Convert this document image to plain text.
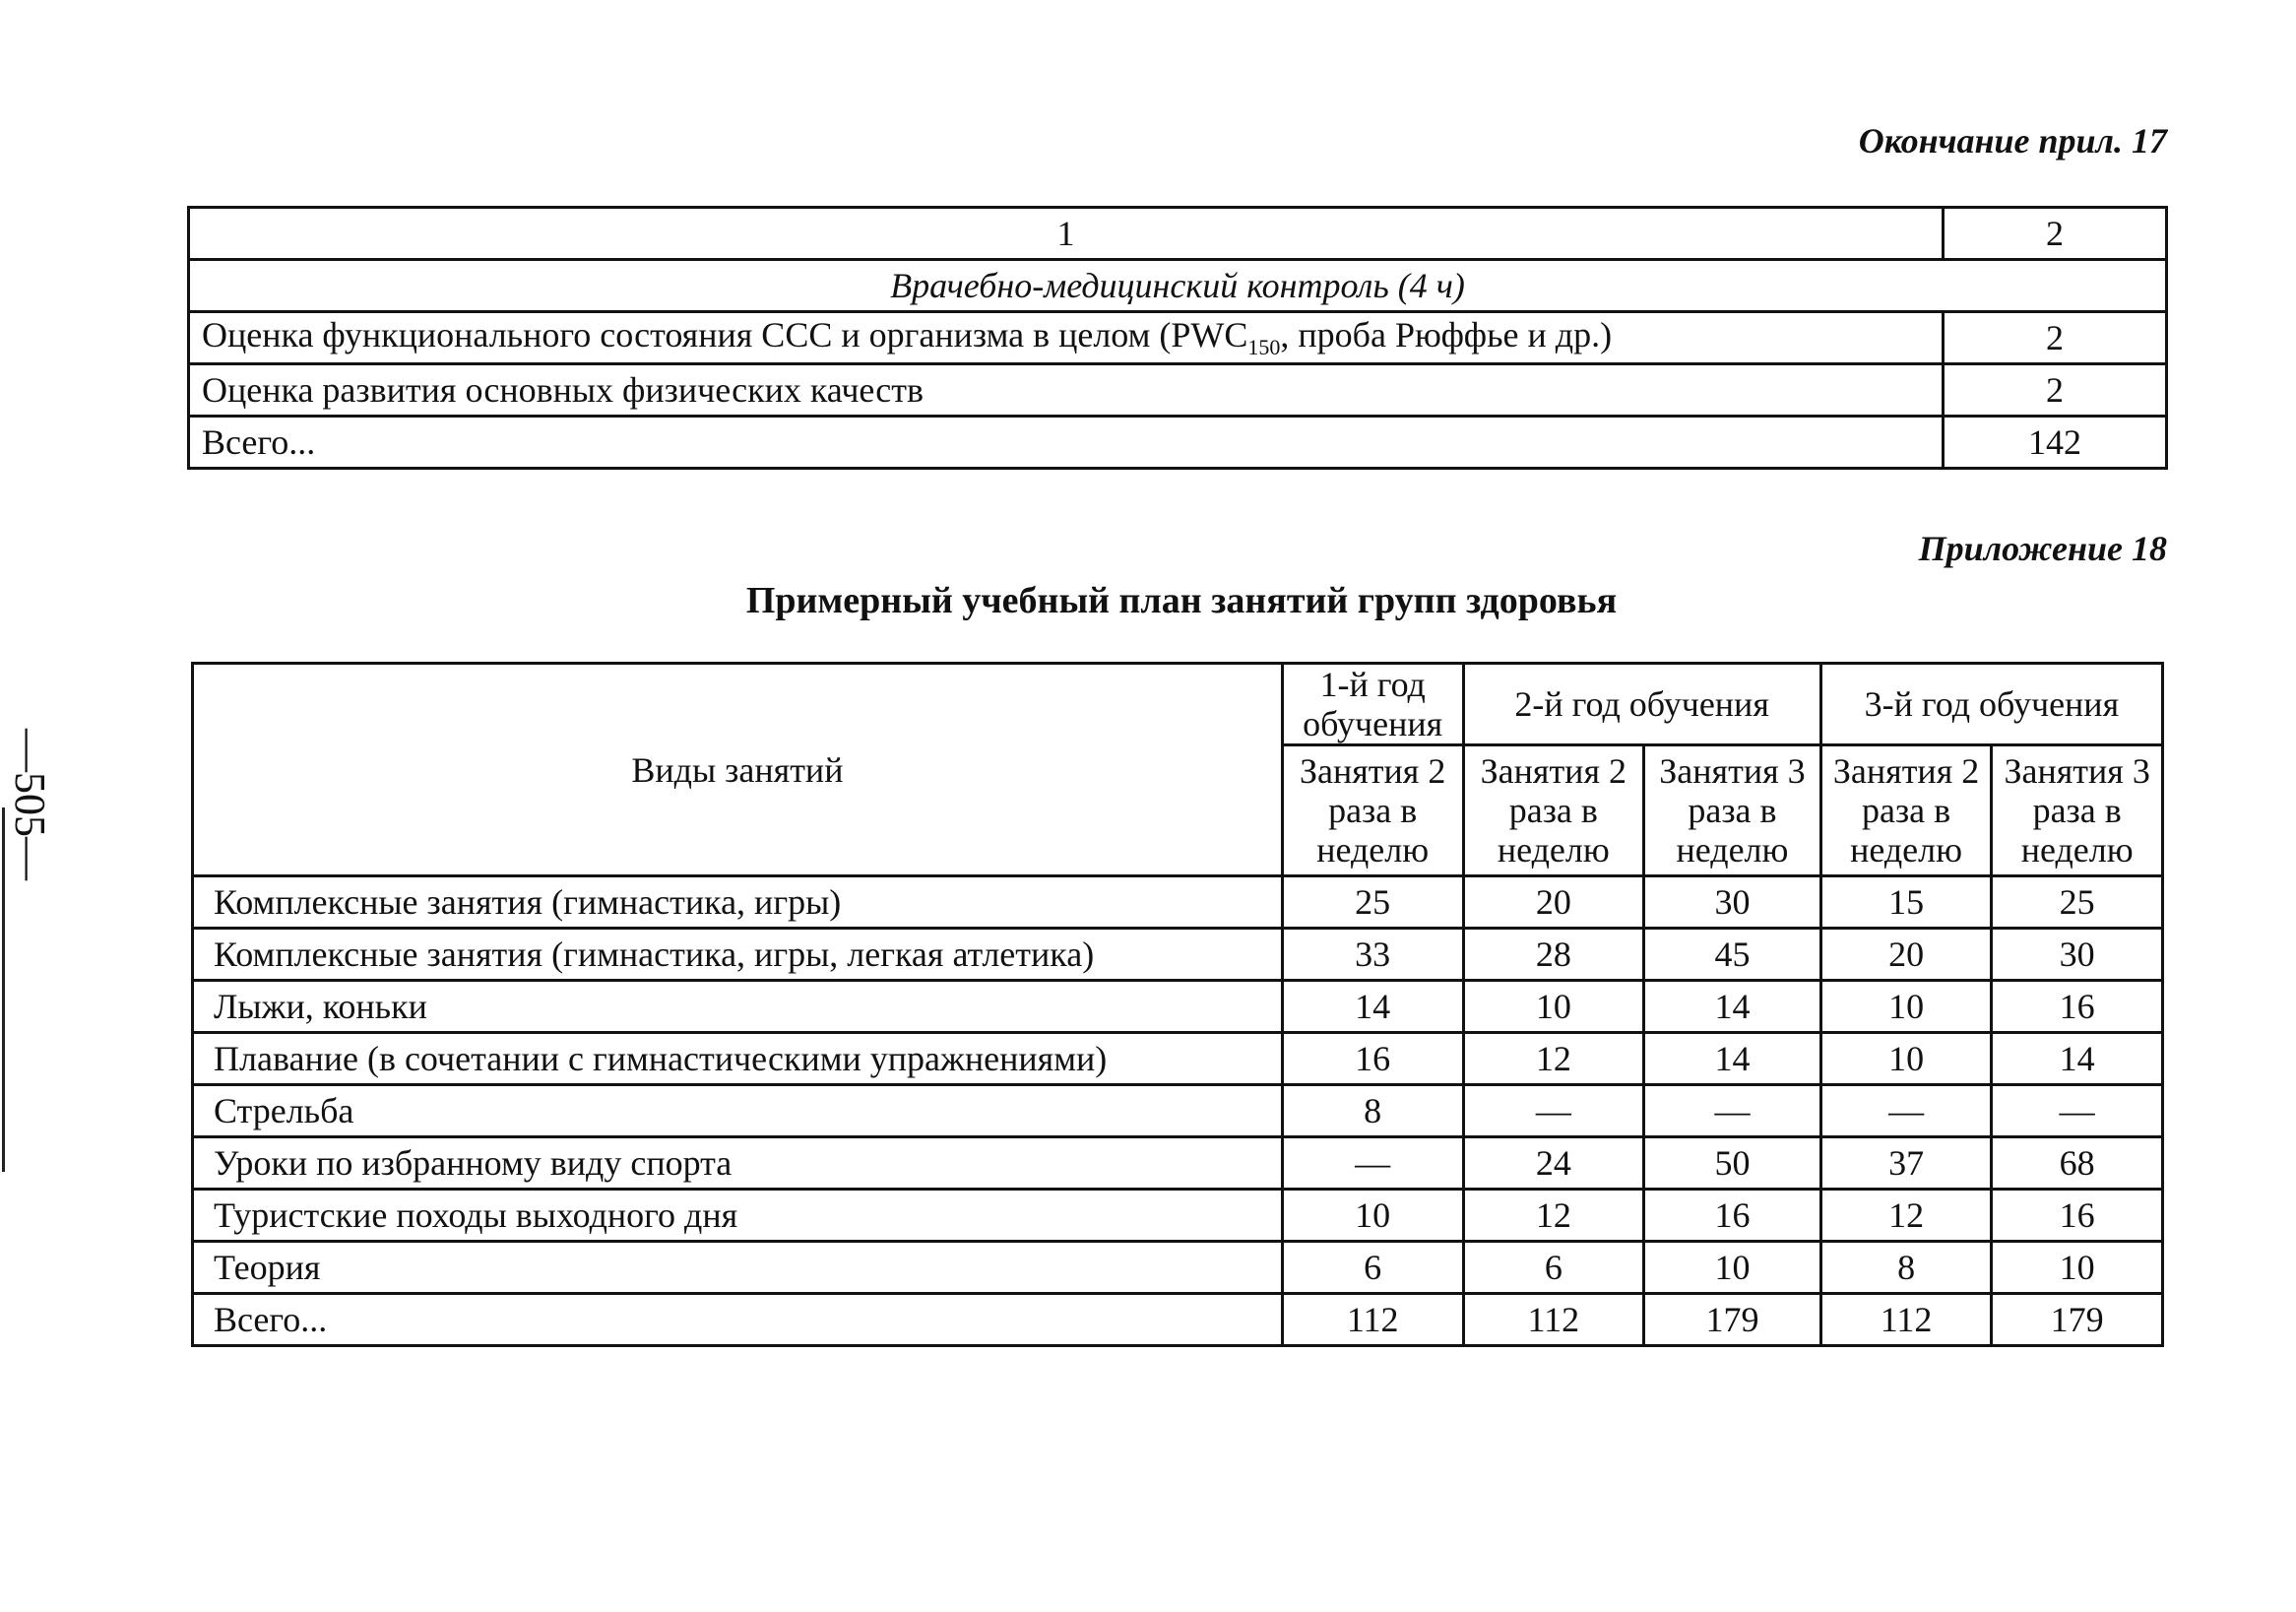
—505—
Окончание прил. 17
1	2
Врачебно-медицинский контроль (4 ч)	
Оценка функционального состояния ССС и организма в целом ($PWC_{150}$, проба Рюффье и др.)	2
Оценка развития основных физических качеств	2
Всего...	142
Приложение 18
Примерный учебный план занятий групп здоровья
Виды занятий	1-й год обучения	2-й год обучения		3-й год обучения	
	Занятия 2 раза в неделю	Занятия 2 раза в неделю	Занятия 3 раза в неделю	Занятия 2 раза в неделю	Занятия 3 раза в неделю
Комплексные занятия (гимнастика, игры)	25	20	30	15	25
Комплексные занятия (гимнастика, игры, легкая атлетика)	33	28	45	20	30
Лыжи, коньки	14	10	14	10	16
Плавание (в сочетании с гимнастическими упражнениями)	16	12	14	10	14
Стрельба	8	—	—	—	—
Уроки по избранному виду спорта	—	24	50	37	68
Туристские походы выходного дня	10	12	16	12	16
Теория	6	6	10	8	10
Всего...	112	112	179	112	179
